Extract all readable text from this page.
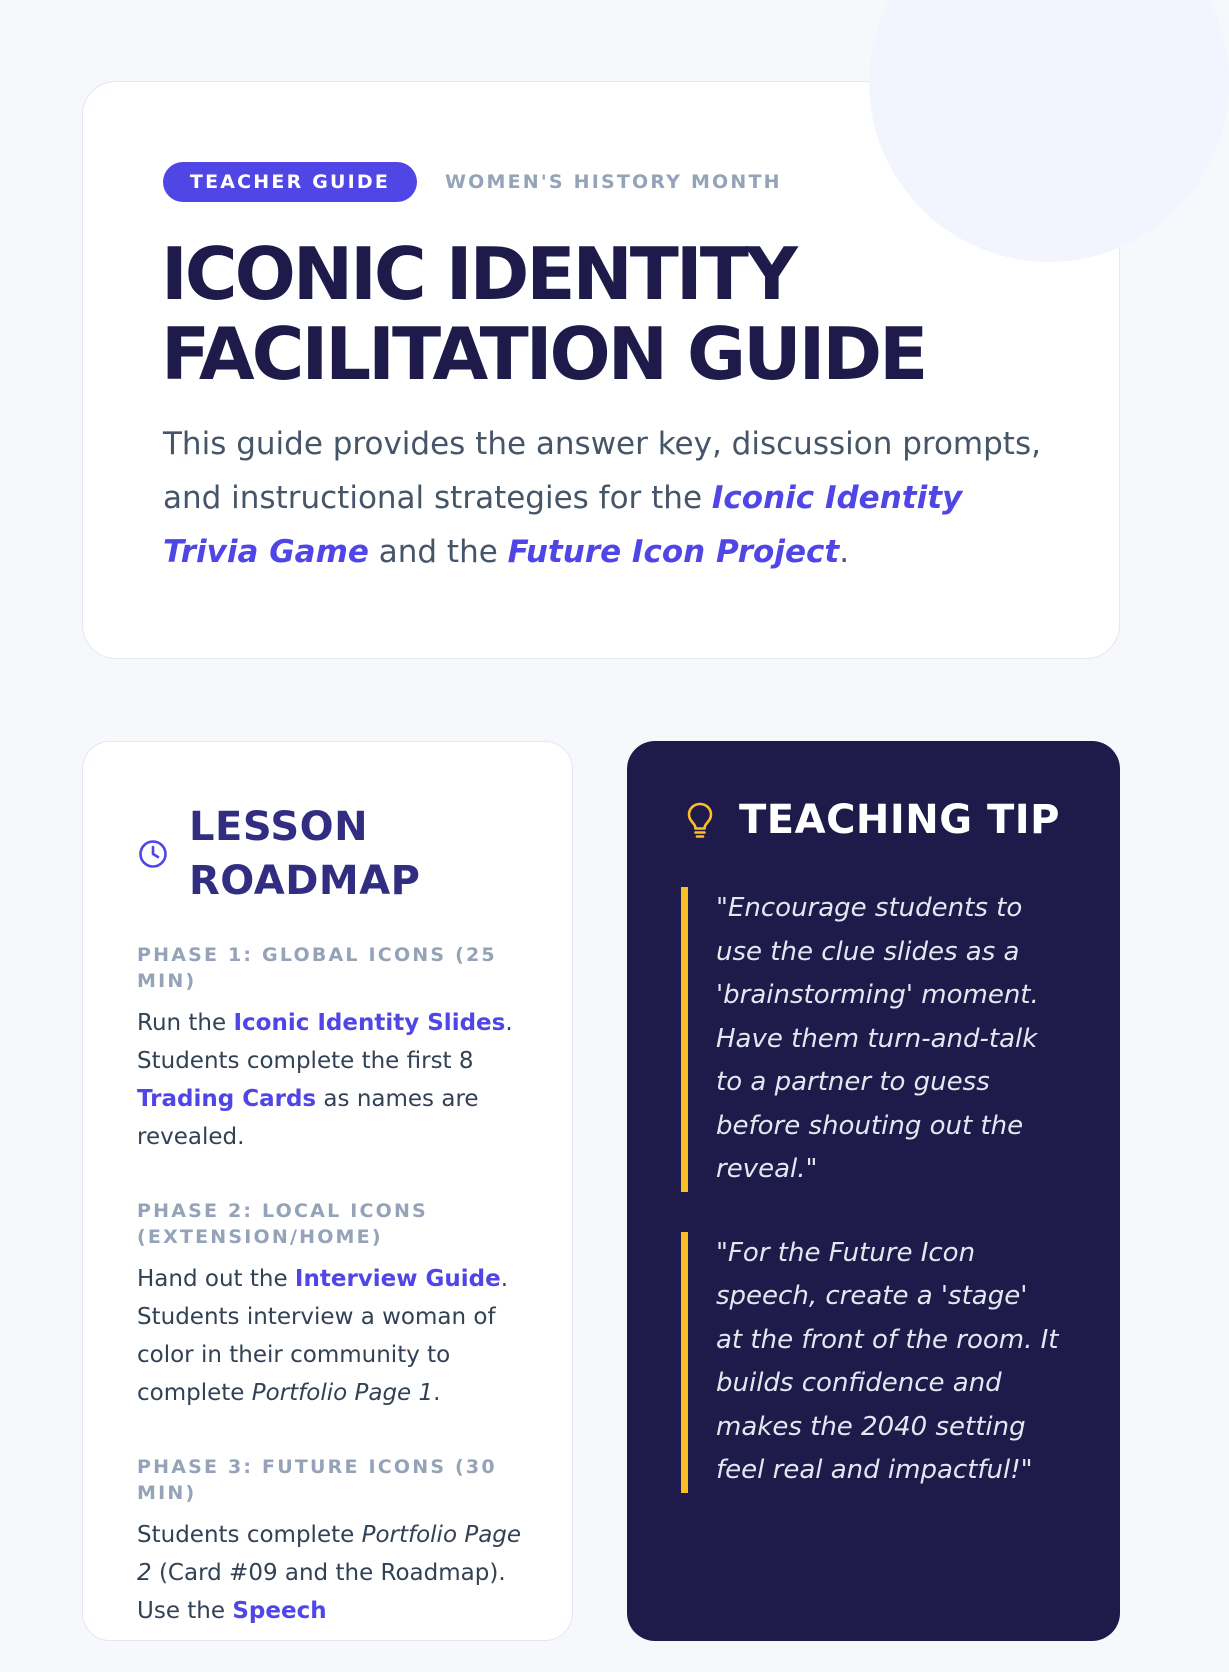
TEACHER GUIDE	WOMEN'S HISTORY MONTH
ICONIC IDENTITY
FACILITATION GUIDE

This guide provides the answer key, discussion prompts, and instructional strategies for the Iconic Identity Trivia Game and the Future Icon Project.

LESSON ROADMAP
PHASE 1: GLOBAL ICONS (25 MIN)

Run the Iconic Identity Slides. Students complete the first 8 Trading Cards as names are revealed.

PHASE 2: LOCAL ICONS (EXTENSION/HOME)

Hand out the Interview Guide. Students interview a woman of color in their community to complete Portfolio Page 1.

PHASE 3: FUTURE ICONS (30 MIN)

Students complete Portfolio Page 2 (Card #09 and the Roadmap). Use the Speech

TEACHING TIP
"Encourage students to use the clue slides as a 'brainstorming' moment. Have them turn-and-talk to a partner to guess before shouting out the reveal."
"For the Future Icon speech, create a 'stage' at the front of the room. It builds confidence and makes the 2040 setting feel real and impactful!"
